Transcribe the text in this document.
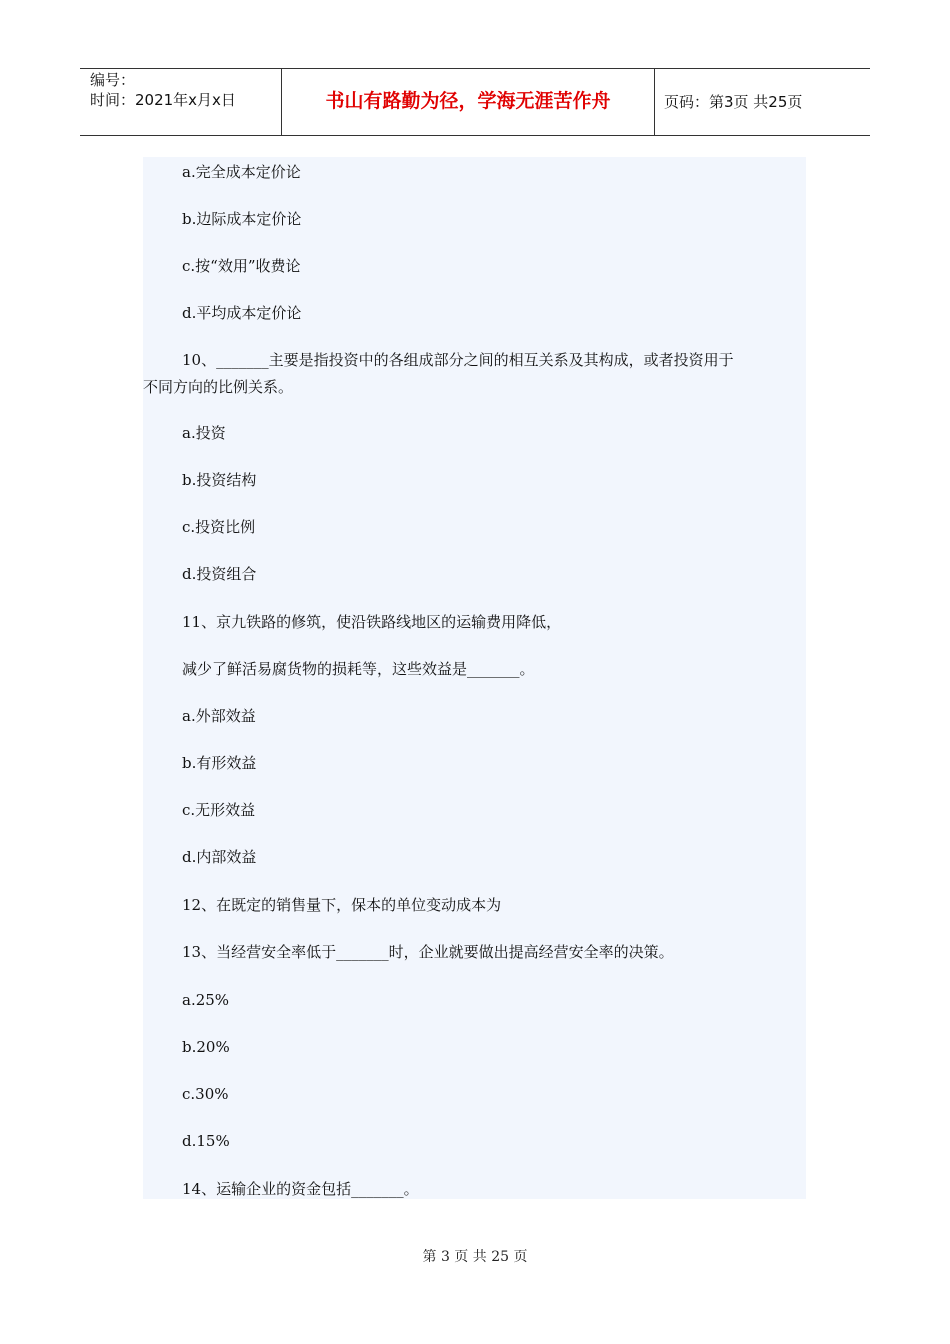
编号：
时间：2021年x月x日	书山有路勤为径，学海无涯苦作舟	页码：第3页 共25页
a.完全成本定价论
b.边际成本定价论
c.按“效用”收费论
d.平均成本定价论
10、_______主要是指投资中的各组成部分之间的相互关系及其构成，或者投资用于
不同方向的比例关系。
a.投资
b.投资结构
c.投资比例
d.投资组合
11、京九铁路的修筑，使沿铁路线地区的运输费用降低，
减少了鲜活易腐货物的损耗等，这些效益是_______。
a.外部效益
b.有形效益
c.无形效益
d.内部效益
12、在既定的销售量下，保本的单位变动成本为
13、当经营安全率低于_______时，企业就要做出提高经营安全率的决策。
a.25%
b.20%
c.30%
d.15%
14、运输企业的资金包括_______。
第 3 页 共 25 页
